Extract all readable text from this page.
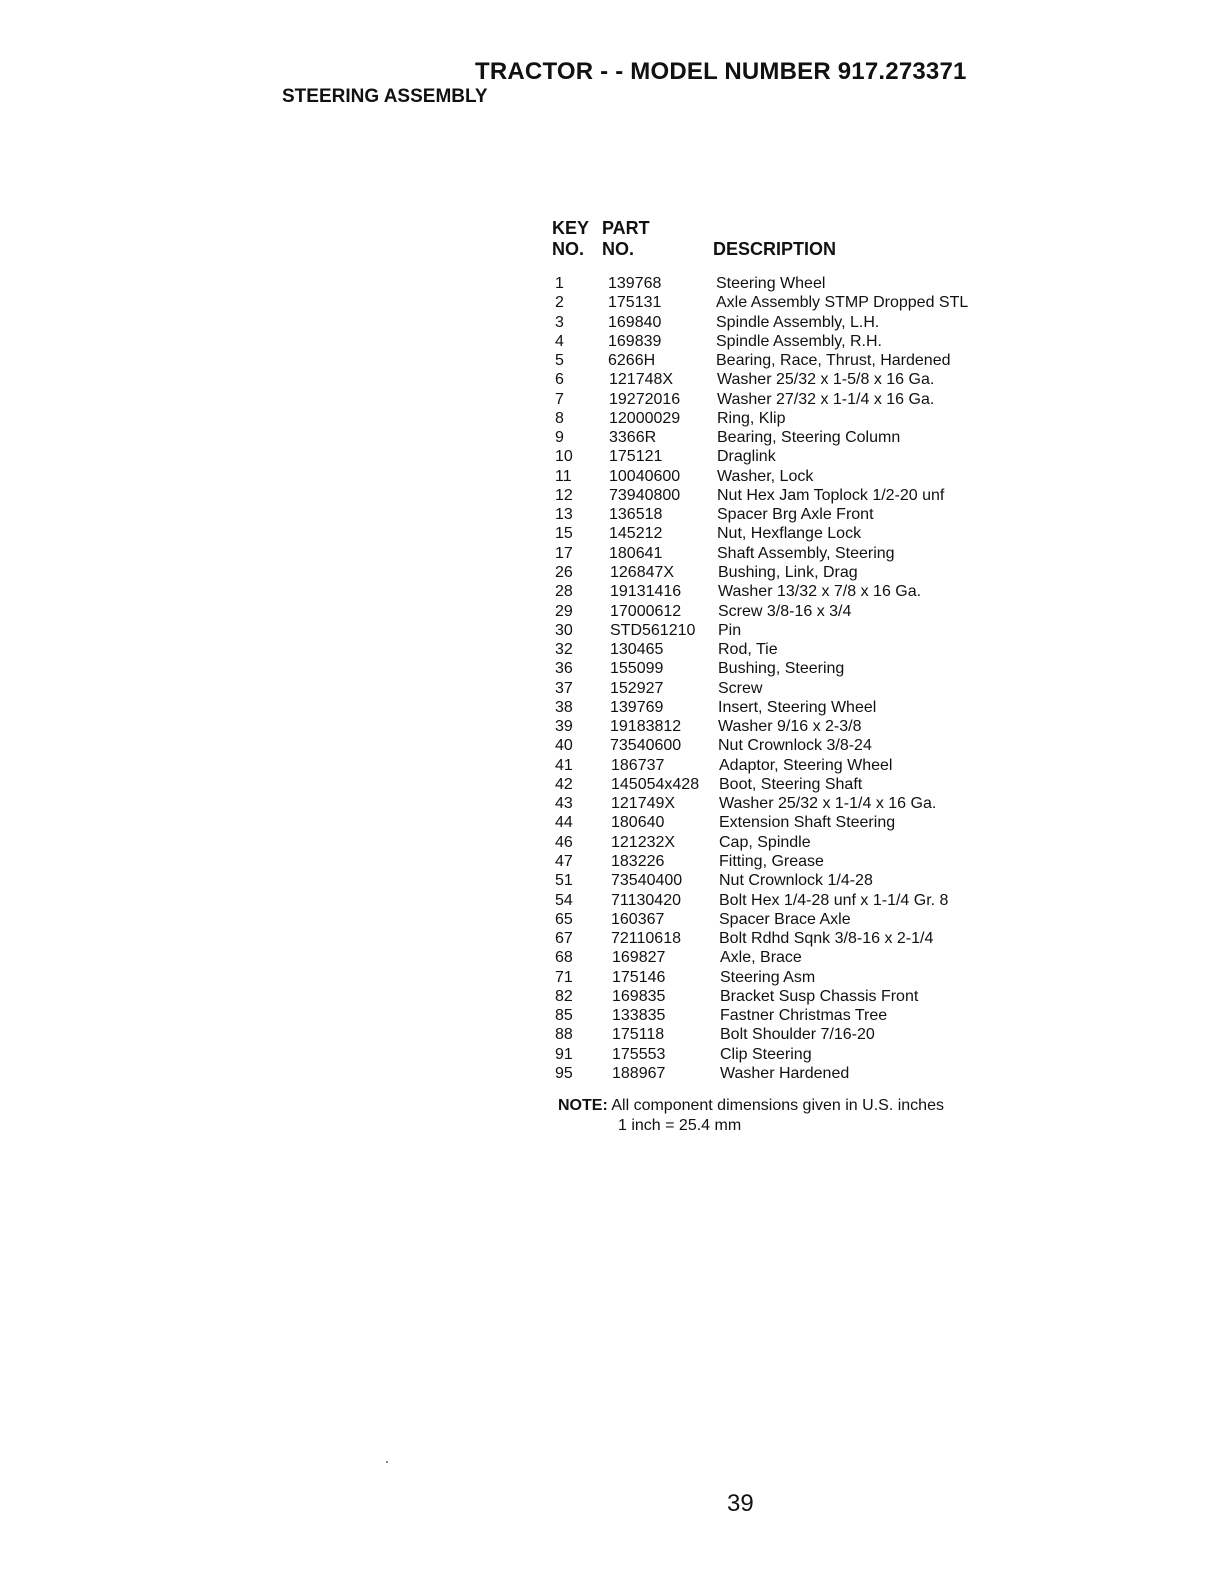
TRACTOR - - MODEL NUMBER 917.273371
STEERING ASSEMBLY
KEY PART
NO. NO.	DESCRIPTION
1	139768	Steering Wheel
2	175131	Axle Assembly STMP Dropped STL
3	169840	Spindle Assembly, L.H.
4	169839	Spindle Assembly, R.H.
5	6266H	Bearing, Race, Thrust, Hardened
6	121748X	Washer 25/32 x 1-5/8 x 16 Ga.
7	19272016 Washer 27/32 x 1-1/4 x 16 Ga.
8	12000029 Ring, Klip
9	3366R	Bearing, Steering Column
10	175121	Draglink
11	10040600 Washer, Lock
12	73940800 Nut Hex Jam Toplock 1/2-20 unf
13	136518	Spacer Brg Axle Front
15	145212	Nut, Hexflange Lock
17	180641	Shaft Assembly, Steering
26	126847X	Bushing, Link, Drag
28	19131416 Washer 13/32 x 7/8 x 16 Ga.
29	17000612 Screw 3/8-16 x 3/4
30	STD561210 Pin
32	130465	Rod, Tie
36	155099	Bushing, Steering
37	152927	Screw
38	139769	Insert, Steering Wheel
39	19183812 Washer 9/16 x 2-3/8
40	73540600 Nut Crownlock 3/8-24
41	186737	Adaptor, Steering Wheel
42	145054x428 Boot, Steering Shaft
43	121749X	Washer 25/32 x 1-1/4 x 16 Ga.
44	180640	Extension Shaft Steering
46	121232X	Cap, Spindle
47	183226	Fitting, Grease
51	73540400 Nut Crownlock 1/4-28
54	71130420 Bolt Hex 1/4-28 unf x 1-1/4 Gr. 8
65	160367	Spacer Brace Axle
67	72110618 Bolt Rdhd Sqnk 3/8-16 x 2-1/4
68	169827	Axle, Brace
71	175146	Steering Asm
82	169835	Bracket Susp Chassis Front
85	133835	Fastner Christmas Tree
88	175118	Bolt Shoulder 7/16-20
91	175553	Clip Steering
95	188967	Washer Hardened
NOTE: All component dimensions given in U.S. inches
1 inch = 25.4 mm
39
